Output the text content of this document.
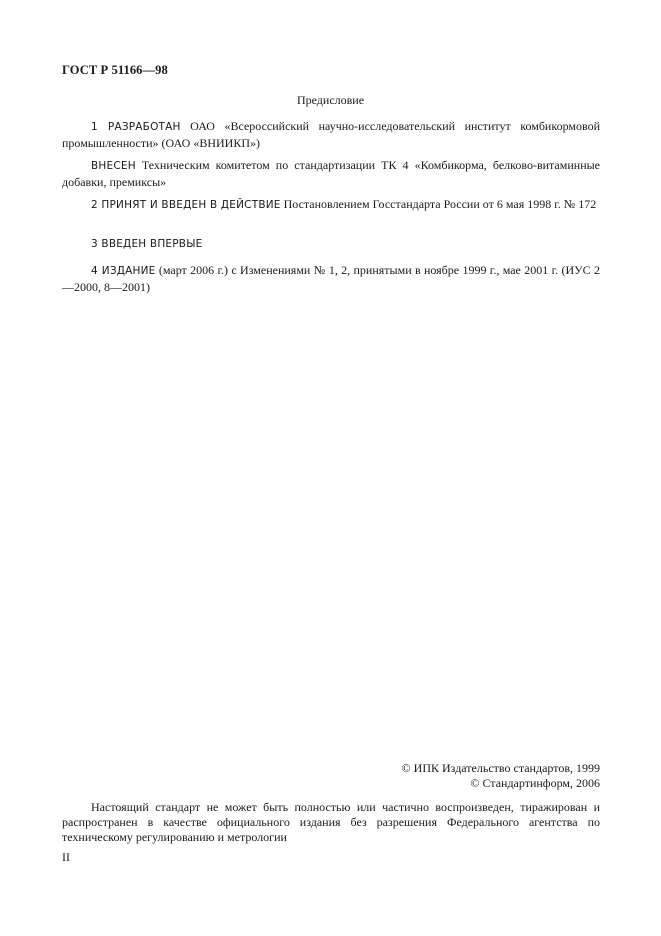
ГОСТ Р 51166—98
Предисловие
1 РАЗРАБОТАН ОАО «Всероссийский научно-исследовательский институт комбикормовой промышленности» (ОАО «ВНИИКП»)
ВНЕСЕН Техническим комитетом по стандартизации ТК 4 «Комбикорма, белково-витаминные добавки, премиксы»
2 ПРИНЯТ И ВВЕДЕН В ДЕЙСТВИЕ Постановлением Госстандарта России от 6 мая 1998 г. № 172
3 ВВЕДЕН ВПЕРВЫЕ
4 ИЗДАНИЕ (март 2006 г.) с Изменениями № 1, 2, принятыми в ноябре 1999 г., мае 2001 г. (ИУС 2—2000, 8—2001)
© ИПК Издательство стандартов, 1999
© Стандартинформ, 2006
Настоящий стандарт не может быть полностью или частично воспроизведен, тиражирован и распространен в качестве официального издания без разрешения Федерального агентства по техническому регулированию и метрологии
II
